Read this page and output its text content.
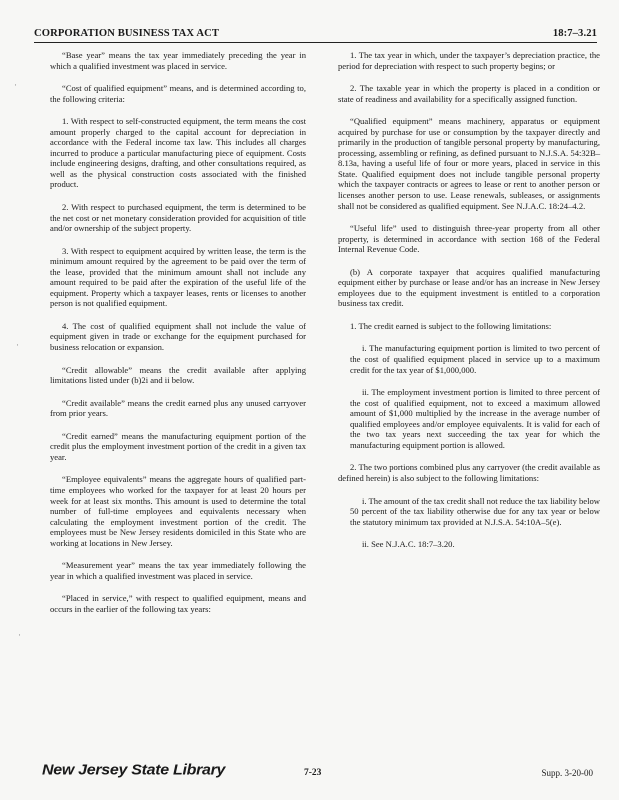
CORPORATION BUSINESS TAX ACT	18:7–3.21

“Base year” means the tax year immediately preceding the year in which a qualified investment was placed in service.

“Cost of qualified equipment” means, and is determined according to, the following criteria:

1. With respect to self-constructed equipment, the term means the cost amount properly charged to the capital account for depreciation in accordance with the Federal income tax law. This includes all charges incurred to produce a particular manufacturing piece of equipment. Costs include engineering designs, drafting, and other consultations required, as well as the physical construction costs associated with the finished product.

2. With respect to purchased equipment, the term is determined to be the net cost or net monetary consideration provided for acquisition of title and/or ownership of the subject property.

3. With respect to equipment acquired by written lease, the term is the minimum amount required by the agreement to be paid over the term of the lease, provided that the minimum amount shall not include any amount required to be paid after the expiration of the useful life of the equipment. Property which a taxpayer leases, rents or licenses to another person is not qualified equipment.

4. The cost of qualified equipment shall not include the value of equipment given in trade or exchange for the equipment purchased for business relocation or expansion.

“Credit allowable” means the credit available after applying limitations listed under (b)2i and ii below.

“Credit available” means the credit earned plus any unused carryover from prior years.

“Credit earned” means the manufacturing equipment portion of the credit plus the employment investment portion of the credit in a given tax year.

“Employee equivalents” means the aggregate hours of qualified part-time employees who worked for the taxpayer for at least 20 hours per week for at least six months. This amount is used to determine the total number of full-time employees and equivalents necessary when calculating the employment investment portion of the credit. The employees must be New Jersey residents domiciled in this State who are working at locations in New Jersey.

“Measurement year” means the tax year immediately following the year in which a qualified investment was placed in service.

“Placed in service,” with respect to qualified equipment, means and occurs in the earlier of the following tax years:

1. The tax year in which, under the taxpayer’s depreciation practice, the period for depreciation with respect to such property begins; or

2. The taxable year in which the property is placed in a condition or state of readiness and availability for a specifically assigned function.

“Qualified equipment” means machinery, apparatus or equipment acquired by purchase for use or consumption by the taxpayer directly and primarily in the production of tangible personal property by manufacturing, processing, assembling or refining, as defined pursuant to N.J.S.A. 54:32B–8.13a, having a useful life of four or more years, placed in service in this State. Qualified equipment does not include tangible personal property which the taxpayer contracts or agrees to lease or rent to another person or licenses another person to use. Lease renewals, subleases, or assignments shall not be considered as qualified equipment. See N.J.A.C. 18:24–4.2.

“Useful life” used to distinguish three-year property from all other property, is determined in accordance with section 168 of the Federal Internal Revenue Code.

(b) A corporate taxpayer that acquires qualified manufacturing equipment either by purchase or lease and/or has an increase in New Jersey employees due to the equipment investment is entitled to a corporation business tax credit.

1. The credit earned is subject to the following limitations:

i. The manufacturing equipment portion is limited to two percent of the cost of qualified equipment placed in service up to a maximum credit for the tax year of $1,000,000.

ii. The employment investment portion is limited to three percent of the cost of qualified equipment, not to exceed a maximum allowed amount of $1,000 multiplied by the increase in the average number of qualified employees and/or employee equivalents. It is valid for each of the two tax years next succeeding the tax year for which the manufacturing equipment portion is allowed.

2. The two portions combined plus any carryover (the credit available as defined herein) is also subject to the following limitations:

i. The amount of the tax credit shall not reduce the tax liability below 50 percent of the tax liability otherwise due for any tax year or below the statutory minimum tax provided at N.J.S.A. 54:10A–5(e).

ii. See N.J.A.C. 18:7–3.20.

·
·
·
New Jersey State Library	7-23	Supp. 3-20-00
